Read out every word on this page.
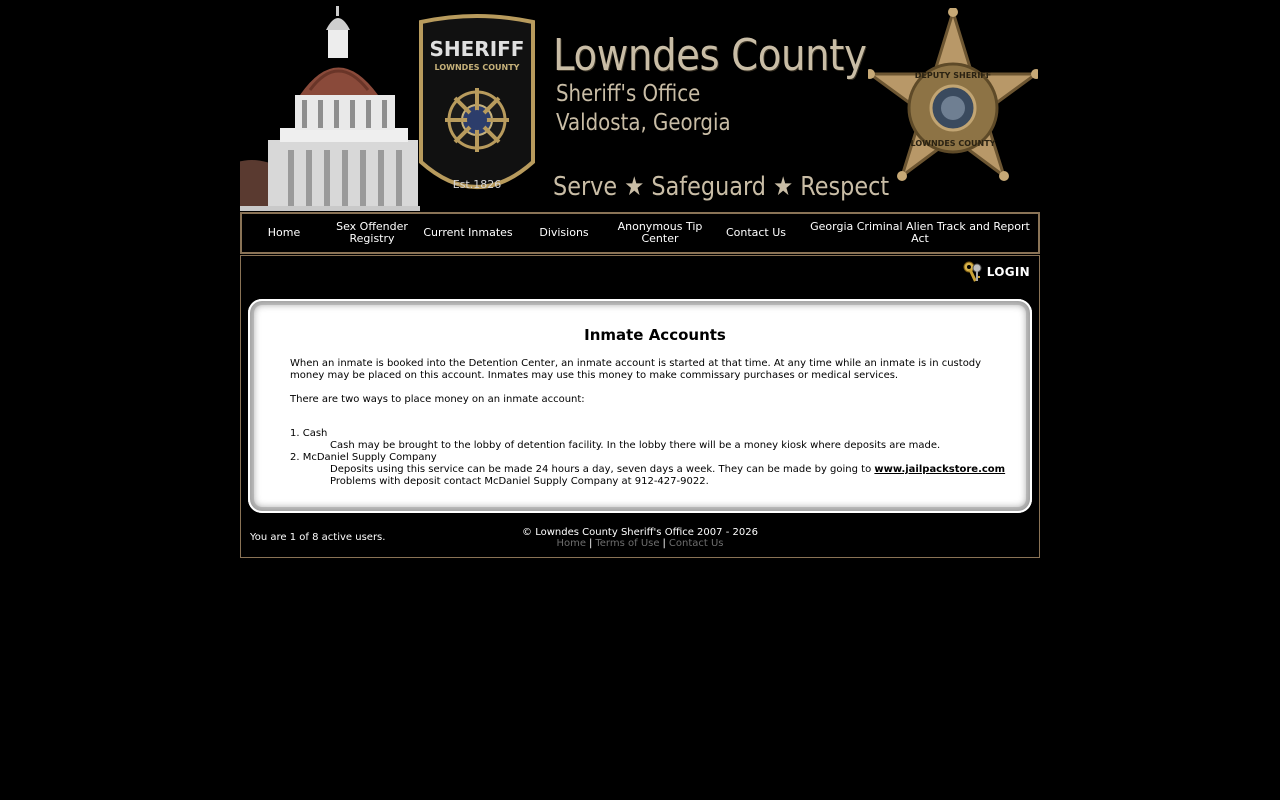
SHERIFF
LOWNDES COUNTY
Est.1826
Lowndes County
Sheriff's Office
Valdosta, Georgia
Serve ★ Safeguard ★ Respect
DEPUTY SHERIFF
LOWNDES COUNTY
Home	Sex Offender Registry	Current Inmates	Divisions	Anonymous Tip Center	Contact Us	Georgia Criminal Alien Track and Report Act
LOGIN
Inmate Accounts
When an inmate is booked into the Detention Center, an inmate account is started at that time. At any time while an inmate is in custody
money may be placed on this account. Inmates may use this money to make commissary purchases or medical services.
There are two ways to place money on an inmate account:
1. Cash
Cash may be brought to the lobby of detention facility. In the lobby there will be a money kiosk where deposits are made.
2. McDaniel Supply Company
Deposits using this service can be made 24 hours a day, seven days a week. They can be made by going to www.jailpackstore.com
Problems with deposit contact McDaniel Supply Company at 912-427-9022.
You are 1 of 8 active users.	© Lowndes County Sheriff's Office 2007 - 2026
Home | Terms of Use | Contact Us
